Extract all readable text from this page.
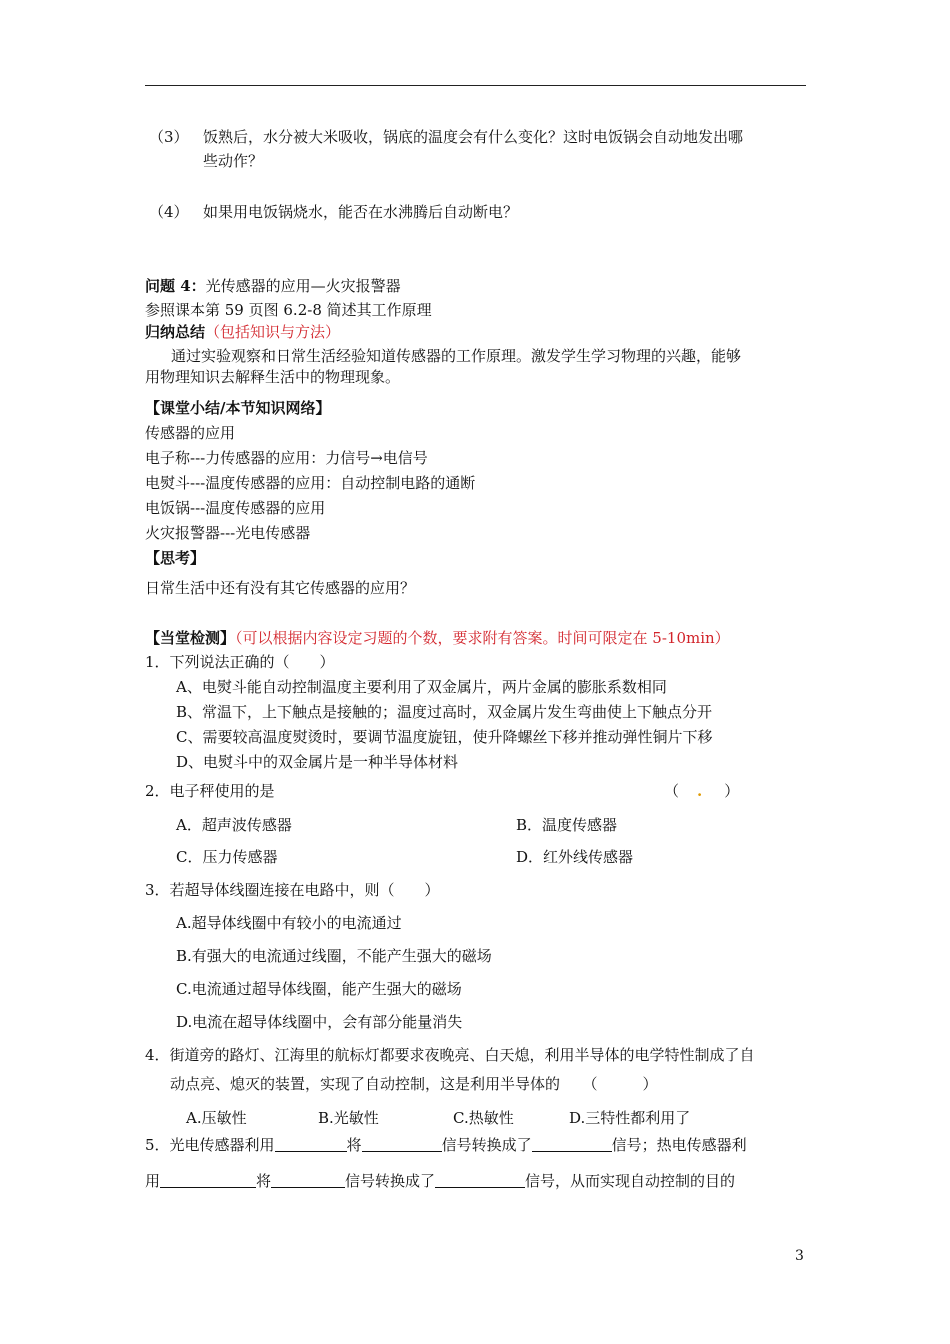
（3） 饭熟后，水分被大米吸收，锅底的温度会有什么变化？这时电饭锅会自动地发出哪
些动作？
（4） 如果用电饭锅烧水，能否在水沸腾后自动断电？
问题 4：光传感器的应用—火灾报警器
参照课本第 59 页图 6.2-8 简述其工作原理
归纳总结（包括知识与方法）
通过实验观察和日常生活经验知道传感器的工作原理。激发学生学习物理的兴趣，能够
用物理知识去解释生活中的物理现象。
【课堂小结/本节知识网络】
传感器的应用
电子称---力传感器的应用：力信号→电信号
电熨斗---温度传感器的应用：自动控制电路的通断
电饭锅---温度传感器的应用
火灾报警器---光电传感器
【思考】
日常生活中还有没有其它传感器的应用？
【当堂检测】（可以根据内容设定习题的个数，要求附有答案。时间可限定在 5-10min）
1．下列说法正确的（　　）
A、电熨斗能自动控制温度主要利用了双金属片，两片金属的膨胀系数相同
B、常温下，上下触点是接触的；温度过高时，双金属片发生弯曲使上下触点分开
C、需要较高温度熨烫时，要调节温度旋钮，使升降螺丝下移并推动弹性铜片下移
D、电熨斗中的双金属片是一种半导体材料
2．电子秤使用的是	（ . ）
A．超声波传感器	B．温度传感器
C．压力传感器	D．红外线传感器
3．若超导体线圈连接在电路中，则（　　）
A.超导体线圈中有较小的电流通过
B.有强大的电流通过线圈，不能产生强大的磁场
C.电流通过超导体线圈，能产生强大的磁场
D.电流在超导体线圈中，会有部分能量消失
4．街道旁的路灯、江海里的航标灯都要求夜晚亮、白天熄，利用半导体的电学特性制成了自
动点亮、熄灭的装置，实现了自动控制，这是利用半导体的　　（　　　）
A.压敏性	B.光敏性	C.热敏性	D.三特性都利用了
5．光电传感器利用	将	信号转换成了	信号；热电传感器利
用	将	信号转换成了	信号，从而实现自动控制的目的
3
